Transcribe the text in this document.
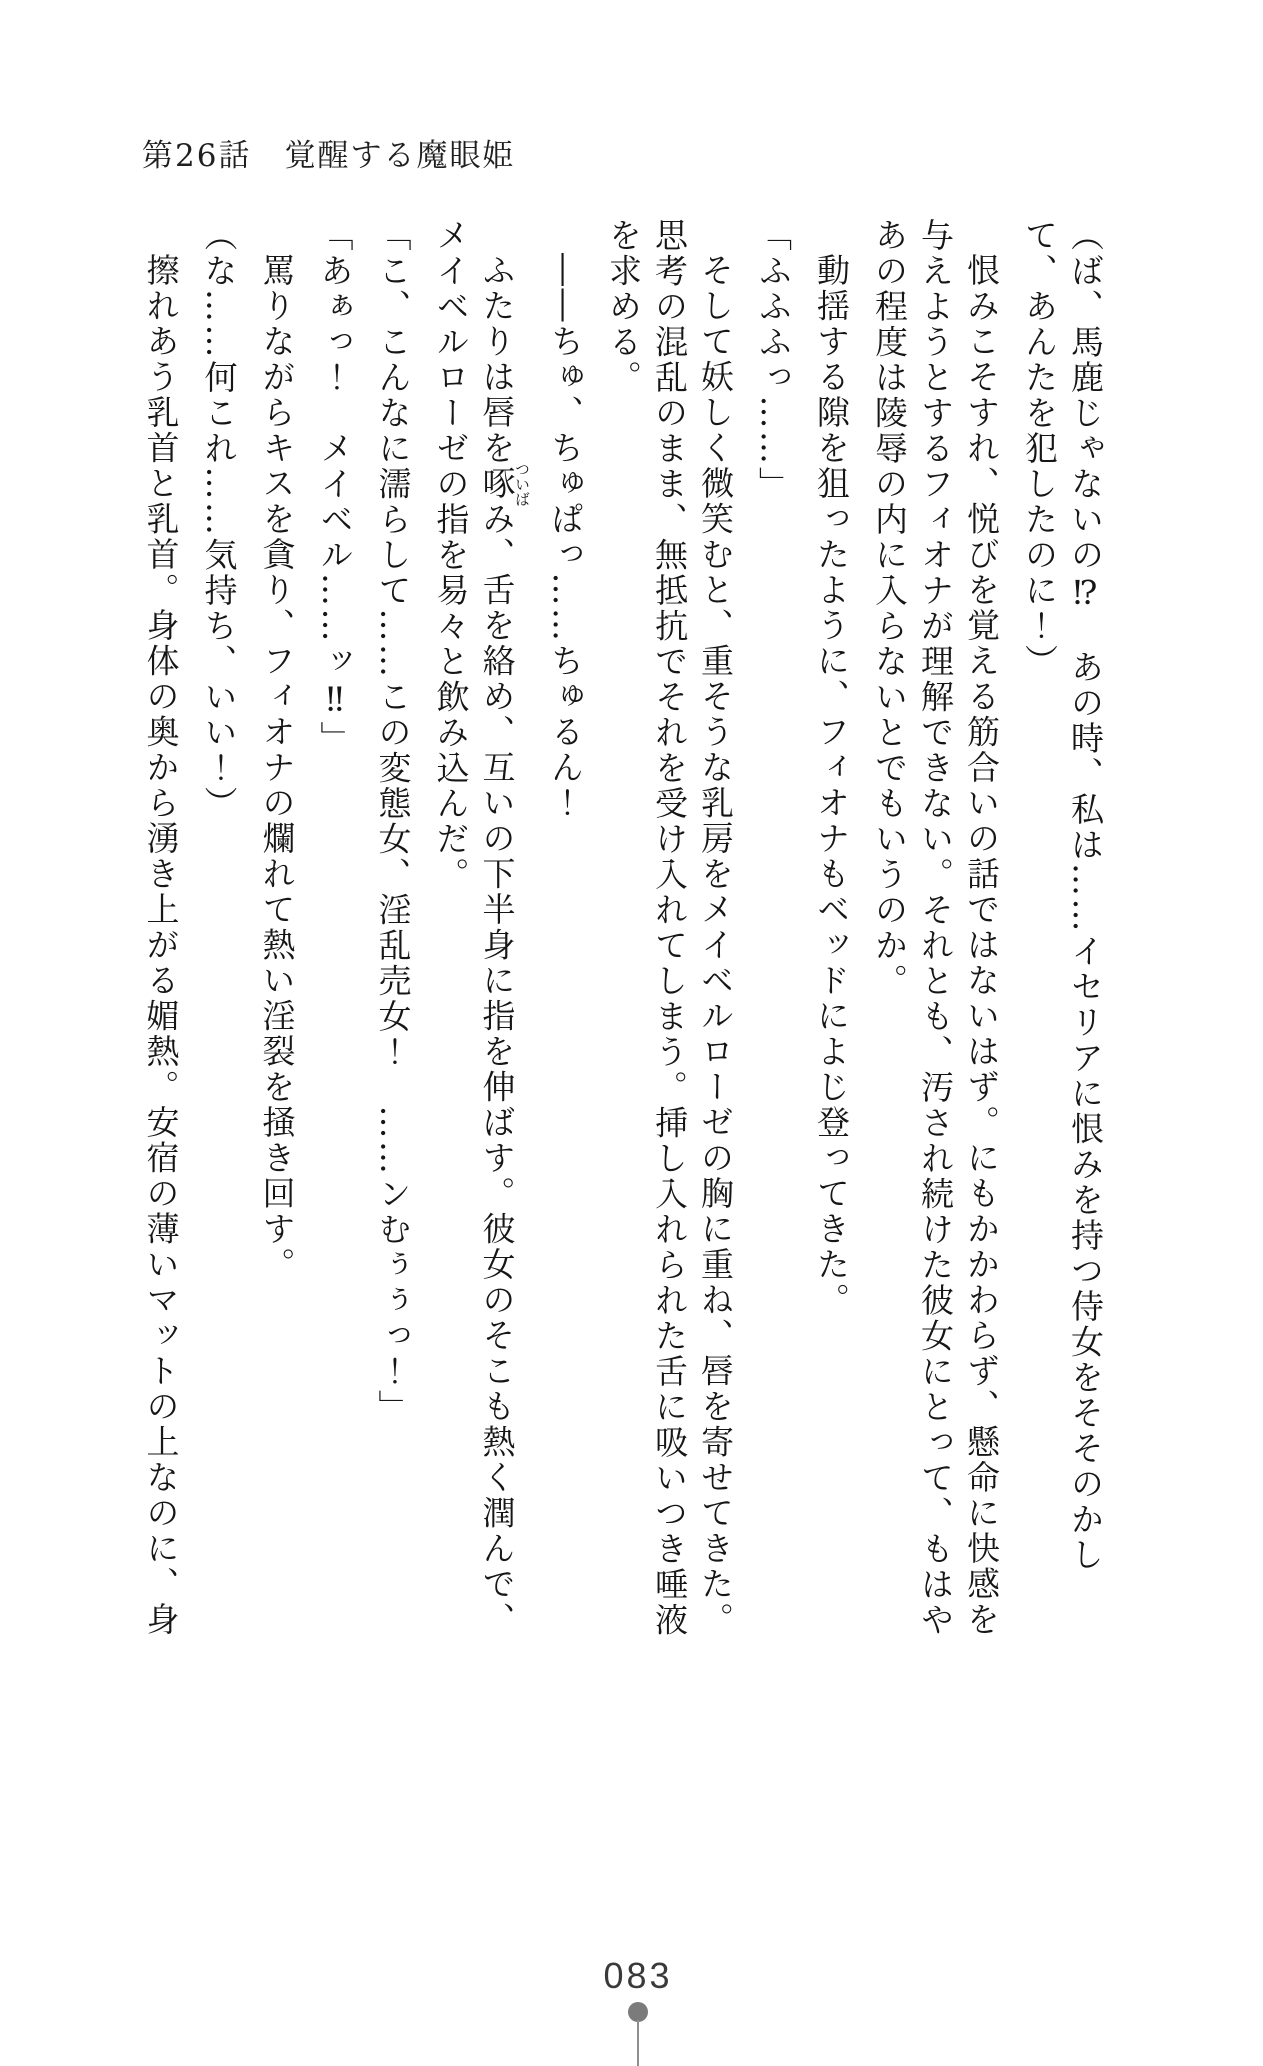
第26話　覚醒する魔眼姫

（ば、馬鹿じゃないの⁉　あの時、私は……イセリアに恨みを持つ侍女をそそのかして、あんたを犯したのに！）

恨みこそすれ、悦びを覚える筋合いの話ではないはず。にもかかわらず、懸命に快感を与えようとするフィオナが理解できない。それとも、汚され続けた彼女にとって、もはやあの程度は陵辱の内に入らないとでもいうのか。

動揺する隙を狙ったように、フィオナもベッドによじ登ってきた。

「ふふふっ……」

そして妖しく微笑むと、重そうな乳房をメイベルローゼの胸に重ね、唇を寄せてきた。思考の混乱のまま、無抵抗でそれを受け入れてしまう。挿し入れられた舌に吸いつき唾液を求める。

――ちゅ、ちゅぱっ……ちゅるん！

ふたりは唇を啄ついばみ、舌を絡め、互いの下半身に指を伸ばす。彼女のそこも熱く潤んで、メイベルローゼの指を易々と飲み込んだ。

「こ、こんなに濡らして……この変態女、淫乱売女！　……ンむぅぅっ！」

「あぁっ！　メイベル……ッ‼」

罵りながらキスを貪り、フィオナの爛れて熱い淫裂を掻き回す。

（な……何これ……気持ち、いい！）

擦れあう乳首と乳首。身体の奥から湧き上がる媚熱。安宿の薄いマットの上なのに、身

083
